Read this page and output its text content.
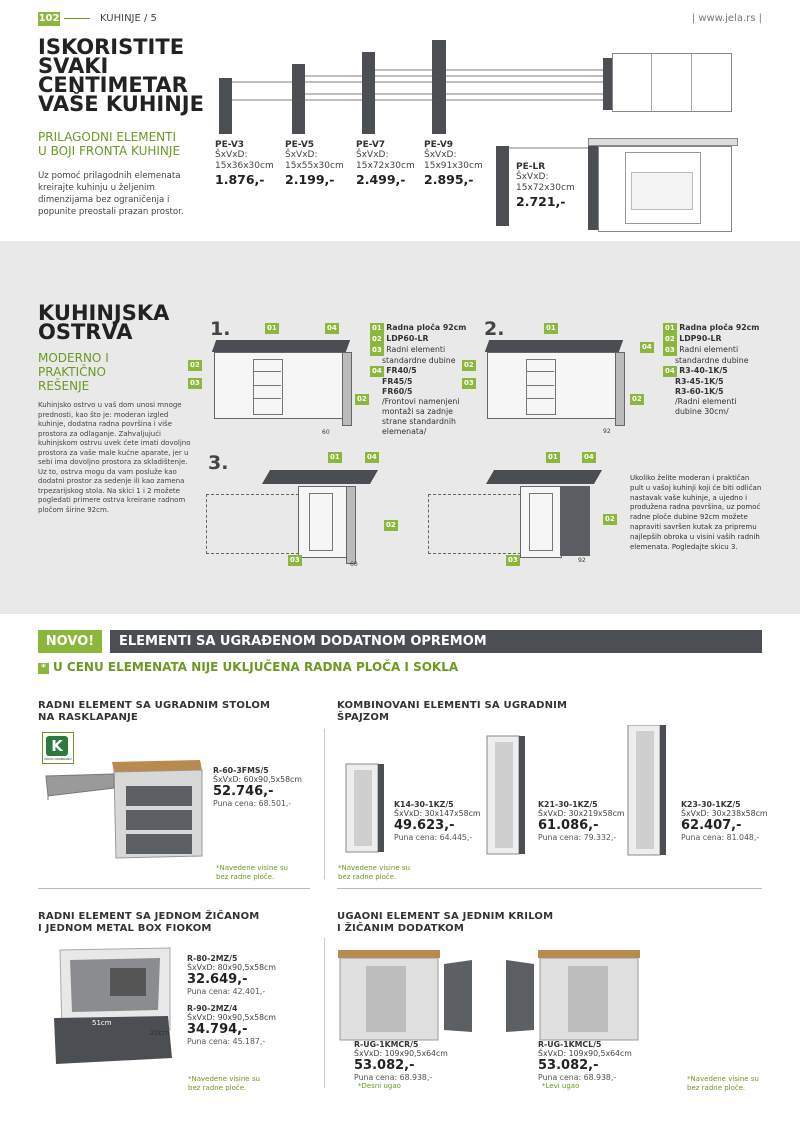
102	KUHINJE / 5	| www.jela.rs |
ISKORISTITE
SVAKI
CENTIMETAR
VAŠE KUHINJE
PRILAGODNI ELEMENTI
U BOJI FRONTA KUHINJE
Uz pomoć prilagodnih elemenata
kreirajte kuhinju u željenim
dimenzijama bez ograničenja i
popunite preostali prazan prostor.
PE-V3
ŠxVxD:
15x36x30cm
1.876,-
PE-V5
ŠxVxD:
15x55x30cm
2.199,-
PE-V7
ŠxVxD:
15x72x30cm
2.499,-
PE-V9
ŠxVxD:
15x91x30cm
2.895,-
PE-LR
ŠxVxD:
15x72x30cm
2.721,-
KUHINJSKA
OSTRVA
MODERNO I
PRAKTIČNO
REŠENJE
Kuhinjsko ostrvo u vaš dom unosi mnoge
prednosti, kao što je: moderan izgled
kuhinje, dodatna radna površina i više
prostora za odlaganje. Zahvaljujući
kuhinjskom ostrvu uvek ćete imati dovoljno
prostora za vaše male kućne aparate, jer u
sebi ima dovoljno prostora za skladištenje.
Uz to, ostrva mogu da vam posluže kao
dodatni prostor za sedenje ili kao zamena
trpezarijskog stola. Na skici 1 i 2 možete
pogledati primere ostrva kreirane radnom
pločom širine 92cm.
1.
60
01	04
02
03
02
01 Radna ploča 92cm
02 LDP60-LR
03 Radni elementi
standardne dubine
04 FR40/5
FR45/5
FR60/5
/Frontovi namenjeni
montaži sa zadnje
strane standardnih
elemenata/
2.
92
01
04
02
03
02
01 Radna ploča 92cm
02 LDP90-LR
03 Radni elementi
standardne dubine
04 R3-40-1K/5
R3-45-1K/5
R3-60-1K/5
/Radni elementi
dubine 30cm/
3.
60
01	04
02
03	92
01	04
02
03
Ukoliko želite moderan i praktičan
pult u vašoj kuhinji koji će biti odličan
nastavak vaše kuhinje, a ujedno i
produžena radna površina, uz pomoć
radne ploče dubine 92cm možete
napraviti savršen kutak za pripremu
najlepših obroka u visini vaših radnih
elemenata. Pogledajte skicu 3.
NOVO!	ELEMENTI SA UGRAĐENOM DODATNOM OPREMOM
* U CENU ELEMENATA NIJE UKLJUČENA RADNA PLOČA I SOKLA
RADNI ELEMENT SA UGRADNIM STOLOM
NA RASKLAPANJE
K
NOVO ODABRANO
R-60-3FMS/5
ŠxVxD: 60x90,5x58cm
52.746,-
Puna cena: 68.501,-
*Navedene visine su
bez radne ploče.
KOMBINOVANI ELEMENTI SA UGRADNIM
ŠPAJZOM
K14-30-1KZ/5
ŠxVxD: 30x147x58cm
49.623,-
Puna cena: 64.445,-
K21-30-1KZ/5
ŠxVxD: 30x219x58cm
61.086,-
Puna cena: 79.332,-
K23-30-1KZ/5
ŠxVxD: 30x238x58cm
62.407,-
Puna cena: 81.048,-
*Navedene visine su
bez radne ploče.
RADNI ELEMENT SA JEDNOM ŽIČANOM
I JEDNOM METAL BOX FIOKOM
51cm
20cm
R-80-2MZ/5
ŠxVxD: 80x90,5x58cm
32.649,-
Puna cena: 42.401,-
R-90-2MZ/4
ŠxVxD: 90x90,5x58cm
34.794,-
Puna cena: 45.187,-
*Navedene visine su
bez radne ploče.
UGAONI ELEMENT SA JEDNIM KRILOM
I ŽIČANIM DODATKOM
R-UG-1KMCR/5
ŠxVxD: 109x90,5x64cm
53.082,-
Puna cena: 68.938,-
*Desni ugao
R-UG-1KMCL/5
ŠxVxD: 109x90,5x64cm
53.082,-
Puna cena: 68.938,-
*Levi ugao
*Navedene visine su
bez radne ploče.
